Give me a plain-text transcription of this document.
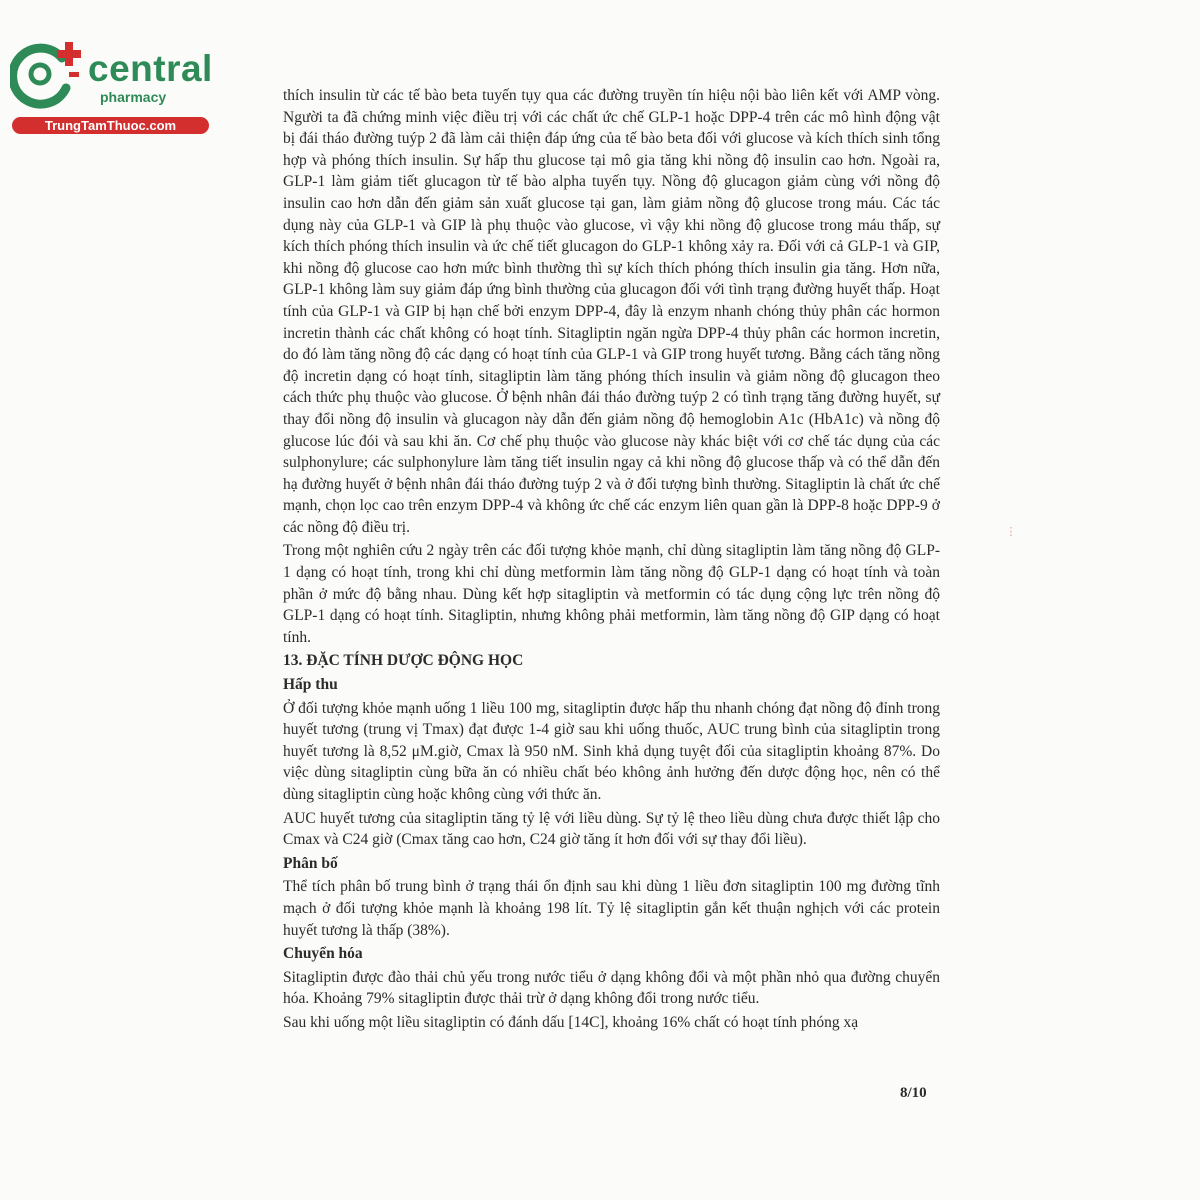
central
pharmacy
TrungTamThuoc.com

thích insulin từ các tế bào beta tuyến tụy qua các đường truyền tín hiệu nội bào liên kết với AMP vòng. Người ta đã chứng minh việc điều trị với các chất ức chế GLP-1 hoặc DPP-4 trên các mô hình động vật bị đái tháo đường tuýp 2 đã làm cải thiện đáp ứng của tế bào beta đối với glucose và kích thích sinh tổng hợp và phóng thích insulin. Sự hấp thu glucose tại mô gia tăng khi nồng độ insulin cao hơn. Ngoài ra, GLP-1 làm giảm tiết glucagon từ tế bào alpha tuyến tụy. Nồng độ glucagon giảm cùng với nồng độ insulin cao hơn dẫn đến giảm sản xuất glucose tại gan, làm giảm nồng độ glucose trong máu. Các tác dụng này của GLP-1 và GIP là phụ thuộc vào glucose, vì vậy khi nồng độ glucose trong máu thấp, sự kích thích phóng thích insulin và ức chế tiết glucagon do GLP-1 không xảy ra. Đối với cả GLP-1 và GIP, khi nồng độ glucose cao hơn mức bình thường thì sự kích thích phóng thích insulin gia tăng. Hơn nữa, GLP-1 không làm suy giảm đáp ứng bình thường của glucagon đối với tình trạng đường huyết thấp. Hoạt tính của GLP-1 và GIP bị hạn chế bởi enzym DPP-4, đây là enzym nhanh chóng thủy phân các hormon incretin thành các chất không có hoạt tính. Sitagliptin ngăn ngừa DPP-4 thủy phân các hormon incretin, do đó làm tăng nồng độ các dạng có hoạt tính của GLP-1 và GIP trong huyết tương. Bằng cách tăng nồng độ incretin dạng có hoạt tính, sitagliptin làm tăng phóng thích insulin và giảm nồng độ glucagon theo cách thức phụ thuộc vào glucose. Ở bệnh nhân đái tháo đường tuýp 2 có tình trạng tăng đường huyết, sự thay đổi nồng độ insulin và glucagon này dẫn đến giảm nồng độ hemoglobin A1c (HbA1c) và nồng độ glucose lúc đói và sau khi ăn. Cơ chế phụ thuộc vào glucose này khác biệt với cơ chế tác dụng của các sulphonylure; các sulphonylure làm tăng tiết insulin ngay cả khi nồng độ glucose thấp và có thể dẫn đến hạ đường huyết ở bệnh nhân đái tháo đường tuýp 2 và ở đối tượng bình thường. Sitagliptin là chất ức chế mạnh, chọn lọc cao trên enzym DPP-4 và không ức chế các enzym liên quan gần là DPP-8 hoặc DPP-9 ở các nồng độ điều trị.

Trong một nghiên cứu 2 ngày trên các đối tượng khỏe mạnh, chỉ dùng sitagliptin làm tăng nồng độ GLP-1 dạng có hoạt tính, trong khi chỉ dùng metformin làm tăng nồng độ GLP-1 dạng có hoạt tính và toàn phần ở mức độ bằng nhau. Dùng kết hợp sitagliptin và metformin có tác dụng cộng lực trên nồng độ GLP-1 dạng có hoạt tính. Sitagliptin, nhưng không phải metformin, làm tăng nồng độ GIP dạng có hoạt tính.

13. ĐẶC TÍNH DƯỢC ĐỘNG HỌC

Hấp thu

Ở đối tượng khỏe mạnh uống 1 liều 100 mg, sitagliptin được hấp thu nhanh chóng đạt nồng độ đỉnh trong huyết tương (trung vị Tmax) đạt được 1-4 giờ sau khi uống thuốc, AUC trung bình của sitagliptin trong huyết tương là 8,52 μM.giờ, Cmax là 950 nM. Sinh khả dụng tuyệt đối của sitagliptin khoảng 87%. Do việc dùng sitagliptin cùng bữa ăn có nhiều chất béo không ảnh hưởng đến dược động học, nên có thể dùng sitagliptin cùng hoặc không cùng với thức ăn.

AUC huyết tương của sitagliptin tăng tỷ lệ với liều dùng. Sự tỷ lệ theo liều dùng chưa được thiết lập cho Cmax và C24 giờ (Cmax tăng cao hơn, C24 giờ tăng ít hơn đối với sự thay đổi liều).

Phân bố

Thể tích phân bố trung bình ở trạng thái ổn định sau khi dùng 1 liều đơn sitagliptin 100 mg đường tĩnh mạch ở đối tượng khỏe mạnh là khoảng 198 lít. Tỷ lệ sitagliptin gắn kết thuận nghịch với các protein huyết tương là thấp (38%).

Chuyển hóa

Sitagliptin được đào thải chủ yếu trong nước tiểu ở dạng không đổi và một phần nhỏ qua đường chuyển hóa. Khoảng 79% sitagliptin được thải trừ ở dạng không đổi trong nước tiểu.

Sau khi uống một liều sitagliptin có đánh dấu [14C], khoảng 16% chất có hoạt tính phóng xạ

⋮
8/10
